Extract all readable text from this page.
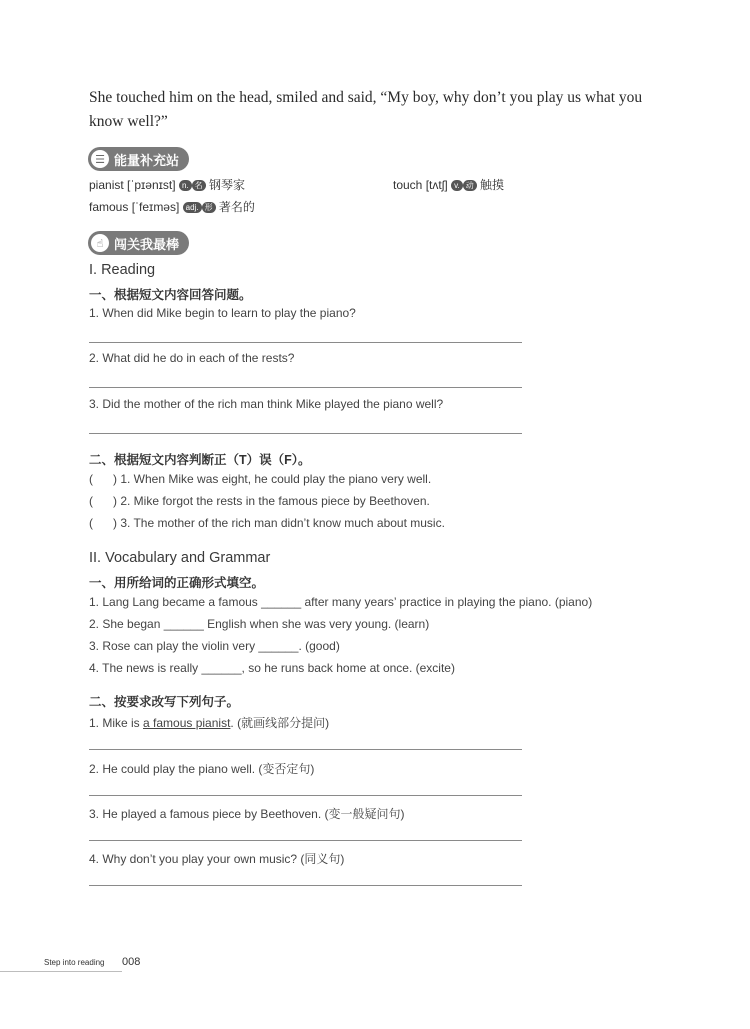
She touched him on the head, smiled and said, “My boy, why don’t you play us what you know well?”
☰ 能量补充站
pianist [ˈpɪənɪst] n. 名 钢琴家	touch [tʌtʃ] v. 动 触摸
famous [ˈfeɪməs] adj. 形 著名的
☝ 闯关我最棒
I. Reading
一、根据短文内容回答问题。
1. When did Mike begin to learn to play the piano?
2. What did he do in each of the rests?
3. Did the mother of the rich man think Mike played the piano well?
二、根据短文内容判断正（T）误（F）。
(      ) 1. When Mike was eight, he could play the piano very well.
(      ) 2. Mike forgot the rests in the famous piece by Beethoven.
(      ) 3. The mother of the rich man didn’t know much about music.
II. Vocabulary and Grammar
一、用所给词的正确形式填空。
1. Lang Lang became a famous ______ after many years’ practice in playing the piano. (piano)
2. She began ______ English when she was very young. (learn)
3. Rose can play the violin very ______. (good)
4. The news is really ______, so he runs back home at once. (excite)
二、按要求改写下列句子。
1. Mike is a famous pianist. (就画线部分提问)
2. He could play the piano well. (变否定句)
3. He played a famous piece by Beethoven. (变一般疑问句)
4. Why don’t you play your own music? (同义句)
Step into reading 008
